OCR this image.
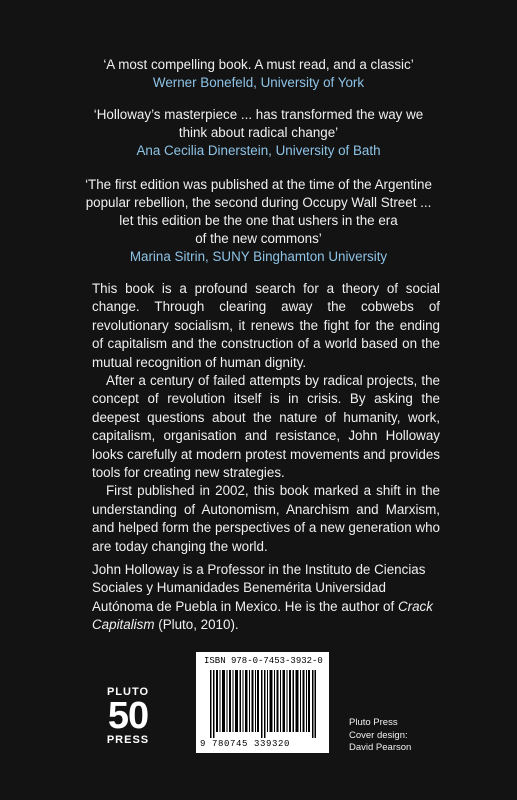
‘A most compelling book. A must read, and a classic’
Werner Bonefeld, University of York
‘Holloway’s masterpiece ... has transformed the way we
think about radical change’
Ana Cecilia Dinerstein, University of Bath
‘The first edition was published at the time of the Argentine
popular rebellion, the second during Occupy Wall Street ...
let this edition be the one that ushers in the era
of the new commons’
Marina Sitrin, SUNY Binghamton University

This book is a profound search for a theory of social change. Through clearing away the cobwebs of revolutionary socialism, it renews the fight for the ending of capitalism and the construction of a world based on the mutual recognition of human dignity.

After a century of failed attempts by radical projects, the concept of revolution itself is in crisis. By asking the deepest questions about the nature of humanity, work, capitalism, organisation and resistance, John Holloway looks carefully at modern protest movements and provides tools for creating new strategies.

First published in 2002, this book marked a shift in the understanding of Autonomism, Anarchism and Marxism, and helped form the perspectives of a new generation who are today changing the world.

John Holloway is a Professor in the Instituto de Ciencias Sociales y Humanidades Benemérita Universidad Autónoma de Puebla in Mexico. He is the author of Crack Capitalism (Pluto, 2010).

PLUTO
50
PRESS
ISBN 978-0-7453-3932-0
9 780745 339320
Pluto Press
Cover design:
David Pearson
